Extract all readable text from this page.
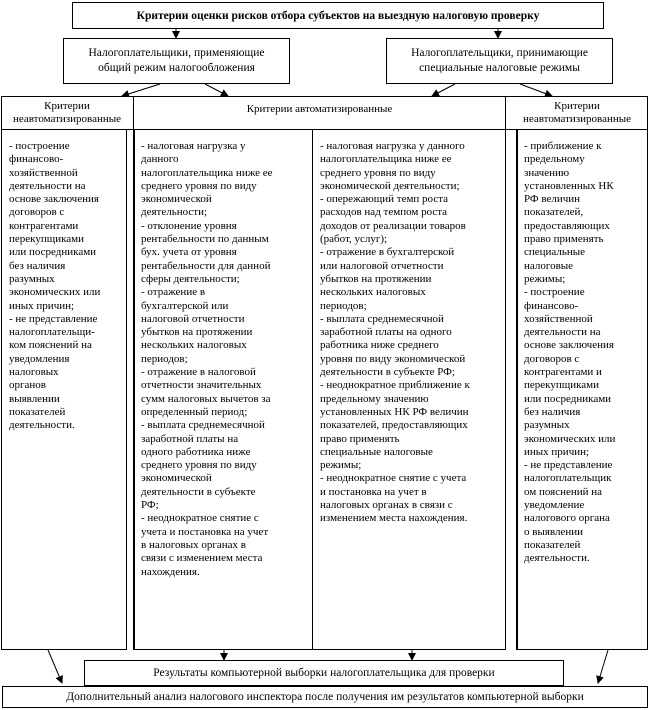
Критерии оценки рисков отбора субъектов на выездную налоговую проверку
Налогоплательщики, применяющие
общий режим налогообложения
Налогоплательщики, принимающие
специальные налоговые режимы
Критерии
неавтоматизированные
Критерии автоматизированные	Критерии
неавтоматизированные
- построение
финансово-
хозяйственной
деятельности на
основе заключения
договоров с
контрагентами
перекупщиками
или посредниками
без наличия
разумных
экономических или
иных причин;
- не представление
налогоплательщи-
ком пояснений на
уведомления
налоговых
органов
выявлении
показателей
деятельности.
- налоговая нагрузка у
данного
налогоплательщика ниже ее
среднего уровня по виду
экономической
деятельности;
- отклонение уровня
рентабельности по данным
бух. учета от уровня
рентабельности для данной
сферы деятельности;
- отражение в
бухгалтерской или
налоговой отчетности
убытков на протяжении
нескольких налоговых
периодов;
- отражение в налоговой
отчетности значительных
сумм налоговых вычетов за
определенный период;
- выплата среднемесячной
заработной платы на
одного работника ниже
среднего уровня по виду
экономической
деятельности в субъекте
РФ;
- неоднократное снятие с
учета и постановка на учет
в налоговых органах в
связи с изменением места
нахождения.
- налоговая нагрузка у данного
налогоплательщика ниже ее
среднего уровня по виду
экономической деятельности;
- опережающий темп роста
расходов над темпом роста
доходов от реализации товаров
(работ, услуг);
- отражение в бухгалтерской
или налоговой отчетности
убытков на протяжении
нескольких налоговых
периодов;
- выплата среднемесячной
заработной платы на одного
работника ниже среднего
уровня по виду экономической
деятельности в субъекте РФ;
- неоднократное приближение к
предельному значению
установленных НК РФ величин
показателей, предоставляющих
право применять
специальные налоговые
режимы;
- неоднократное снятие с учета
и постановка на учет в
налоговых органах в связи с
изменением места нахождения.
- приближение к
предельному
значению
установленных НК
РФ величин
показателей,
предоставляющих
право применять
специальные
налоговые
режимы;
- построение
финансово-
хозяйственной
деятельности на
основе заключения
договоров с
контрагентами и
перекупщиками
или посредниками
без наличия
разумных
экономических или
иных причин;
- не представление
налогоплательщик
ом пояснений на
уведомление
налогового органа
о выявлении
показателей
деятельности.
Результаты компьютерной выборки налогоплательщика для проверки
Дополнительный анализ налогового инспектора после получения им результатов компьютерной выборки
